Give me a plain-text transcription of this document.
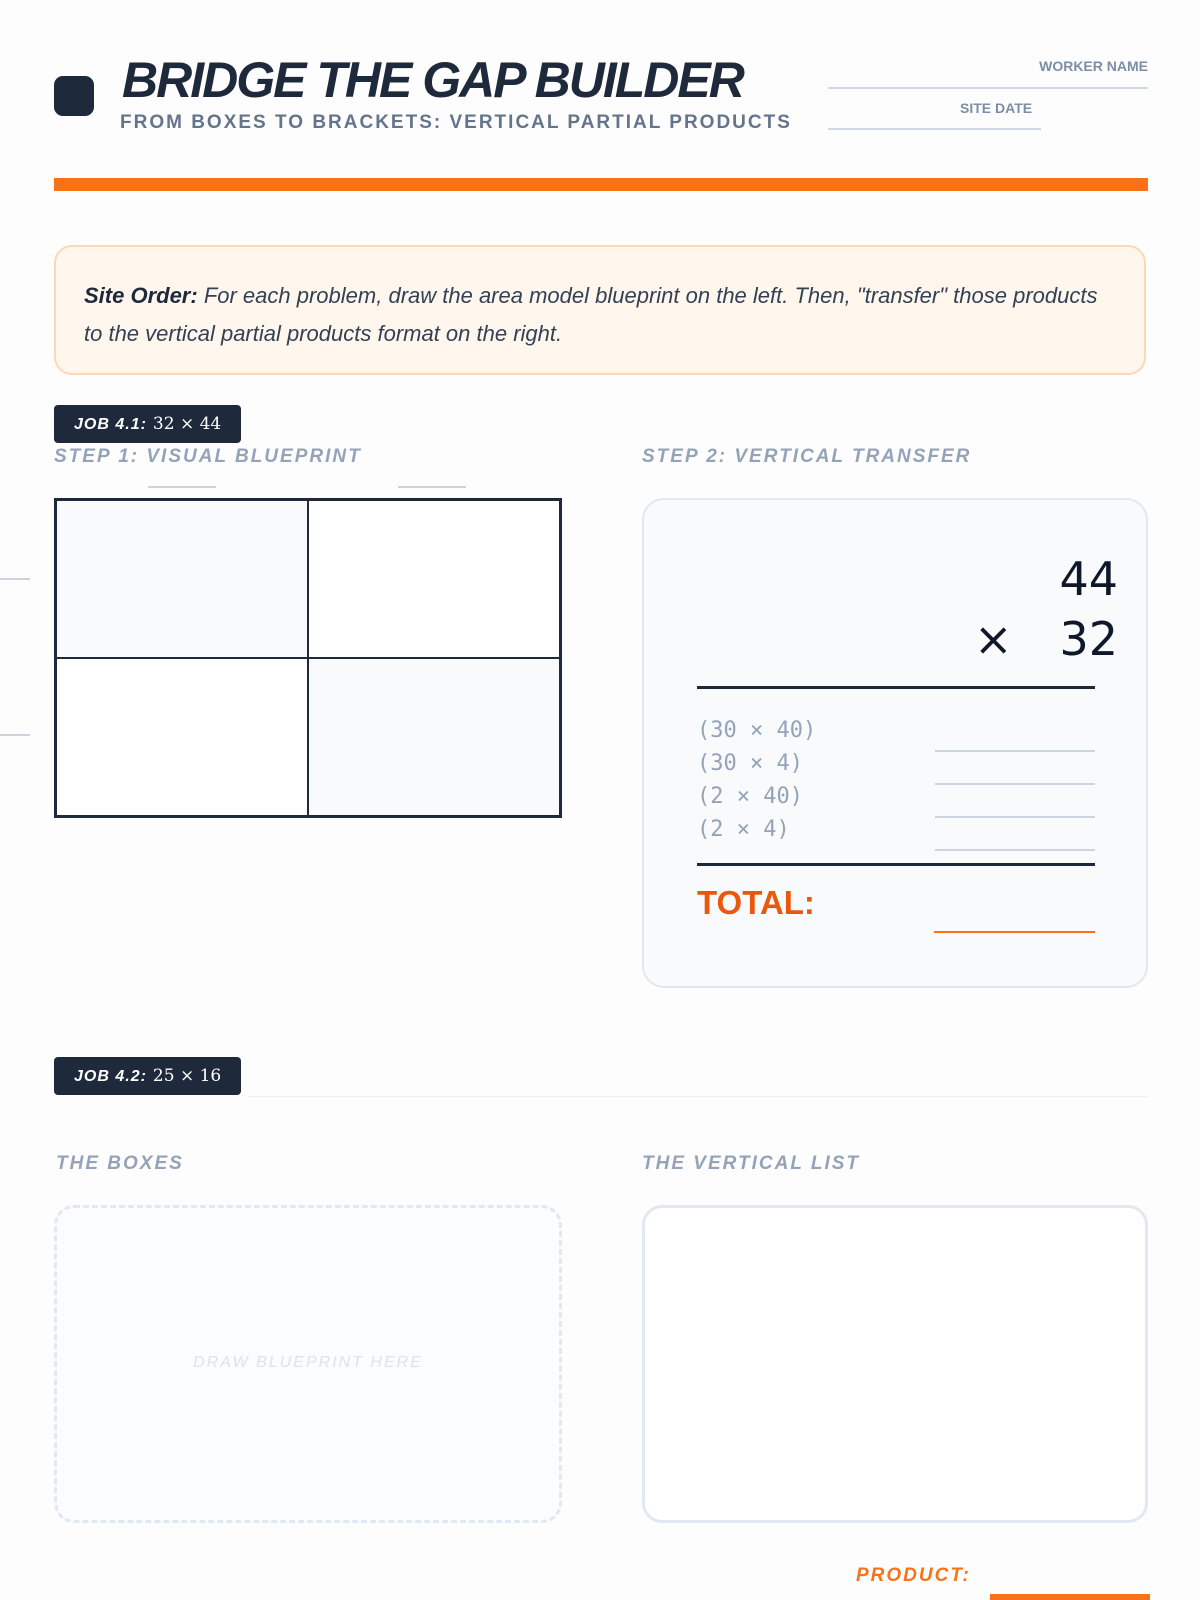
BRIDGE THE GAP BUILDER
FROM BOXES TO BRACKETS: VERTICAL PARTIAL PRODUCTS
WORKER NAME
SITE DATE
Site Order: For each problem, draw the area model blueprint on the left. Then, "transfer" those products to the vertical partial products format on the right.
JOB 4.1: 32 × 44
STEP 1: VISUAL BLUEPRINT	STEP 2: VERTICAL TRANSFER
44
× 32
(30 × 40)
(30 × 4)
(2 × 40)
(2 × 4)
TOTAL:
JOB 4.2: 25 × 16
THE BOXES	THE VERTICAL LIST
DRAW BLUEPRINT HERE
PRODUCT:
